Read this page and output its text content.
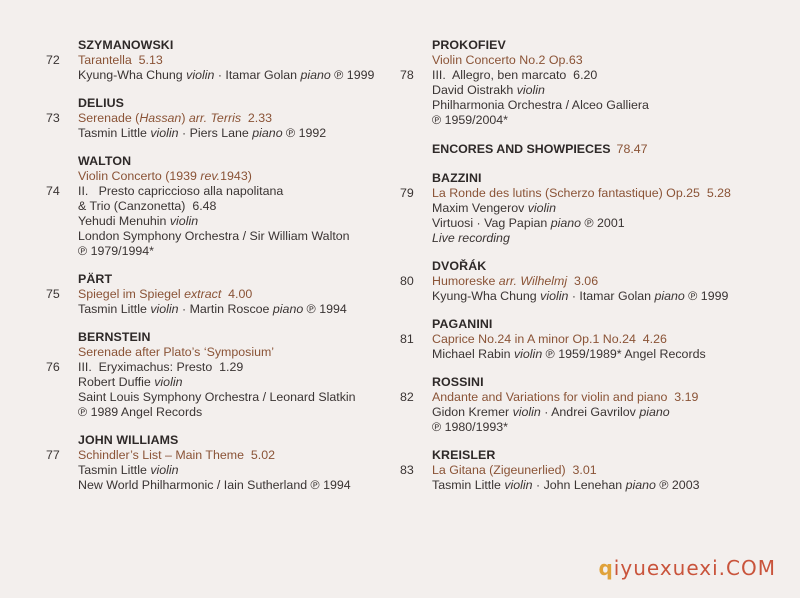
SZYMANOWSKI
72	Tarantella  5.13
Kyung-Wha Chung violin · Itamar Golan piano ℗ 1999
DELIUS
73	Serenade (Hassan) arr. Terris  2.33
Tasmin Little violin · Piers Lane piano ℗ 1992
WALTON
Violin Concerto (1939 rev.1943)
74	II.   Presto capriccioso alla napolitana
& Trio (Canzonetta)  6.48
Yehudi Menuhin violin
London Symphony Orchestra / Sir William Walton
℗ 1979/1994*
PÄRT
75	Spiegel im Spiegel extract  4.00
Tasmin Little violin · Martin Roscoe piano ℗ 1994
BERNSTEIN
Serenade after Plato’s ‘Symposium’
76	III.  Eryximachus: Presto  1.29
Robert Duffie violin
Saint Louis Symphony Orchestra / Leonard Slatkin
℗ 1989 Angel Records
JOHN WILLIAMS
77	Schindler’s List – Main Theme  5.02
Tasmin Little violin
New World Philharmonic / Iain Sutherland ℗ 1994
PROKOFIEV
Violin Concerto No.2 Op.63
78	III.  Allegro, ben marcato  6.20
David Oistrakh violin
Philharmonia Orchestra / Alceo Galliera
℗ 1959/2004*
ENCORES AND SHOWPIECES 78.47
BAZZINI
79	La Ronde des lutins (Scherzo fantastique) Op.25  5.28
Maxim Vengerov violin
Virtuosi · Vag Papian piano ℗ 2001
Live recording
DVOŘÁK
80	Humoreske arr. Wilhelmj  3.06
Kyung-Wha Chung violin · Itamar Golan piano ℗ 1999
PAGANINI
81	Caprice No.24 in A minor Op.1 No.24  4.26
Michael Rabin violin ℗ 1959/1989* Angel Records
ROSSINI
82	Andante and Variations for violin and piano  3.19
Gidon Kremer violin · Andrei Gavrilov piano
℗ 1980/1993*
KREISLER
83	La Gitana (Zigeunerlied)  3.01
Tasmin Little violin · John Lenehan piano ℗ 2003
qiyuexuexi.COM
